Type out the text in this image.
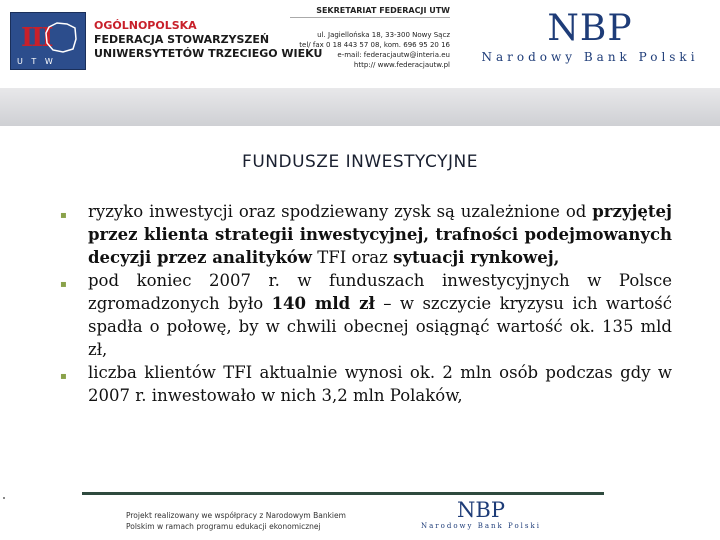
III
U T W
OGÓLNOPOLSKA
FEDERACJA STOWARZYSZEŃ
UNIWERSYTETÓW TRZECIEGO WIEKU
SEKRETARIAT FEDERACJI UTW
ul. Jagiellońska 18, 33-300 Nowy Sącz
tel/ fax 0 18 443 57 08, kom. 696 95 20 16
e-mail: federacjautw@interia.eu
http:// www.federacjautw.pl
NBP
Narodowy Bank Polski
FUNDUSZE INWESTYCYJNE
▪ ryzyko inwestycji oraz spodziewany zysk są uzależnione od przyjętej przez klienta strategii inwestycyjnej, trafności podejmowanych decyzji przez analityków TFI oraz sytuacji rynkowej,
▪ pod koniec 2007 r. w funduszach inwestycyjnych w Polsce zgromadzonych było 140 mld zł – w szczycie kryzysu ich wartość spadła o połowę, by w chwili obecnej osiągnąć wartość ok. 135 mld zł,
▪ liczba klientów TFI aktualnie wynosi ok. 2 mln osób podczas gdy w 2007 r. inwestowało w nich 3,2 mln Polaków,
Projekt realizowany we współpracy z Narodowym Bankiem
Polskim w ramach programu edukacji ekonomicznej
NBP
Narodowy Bank Polski
